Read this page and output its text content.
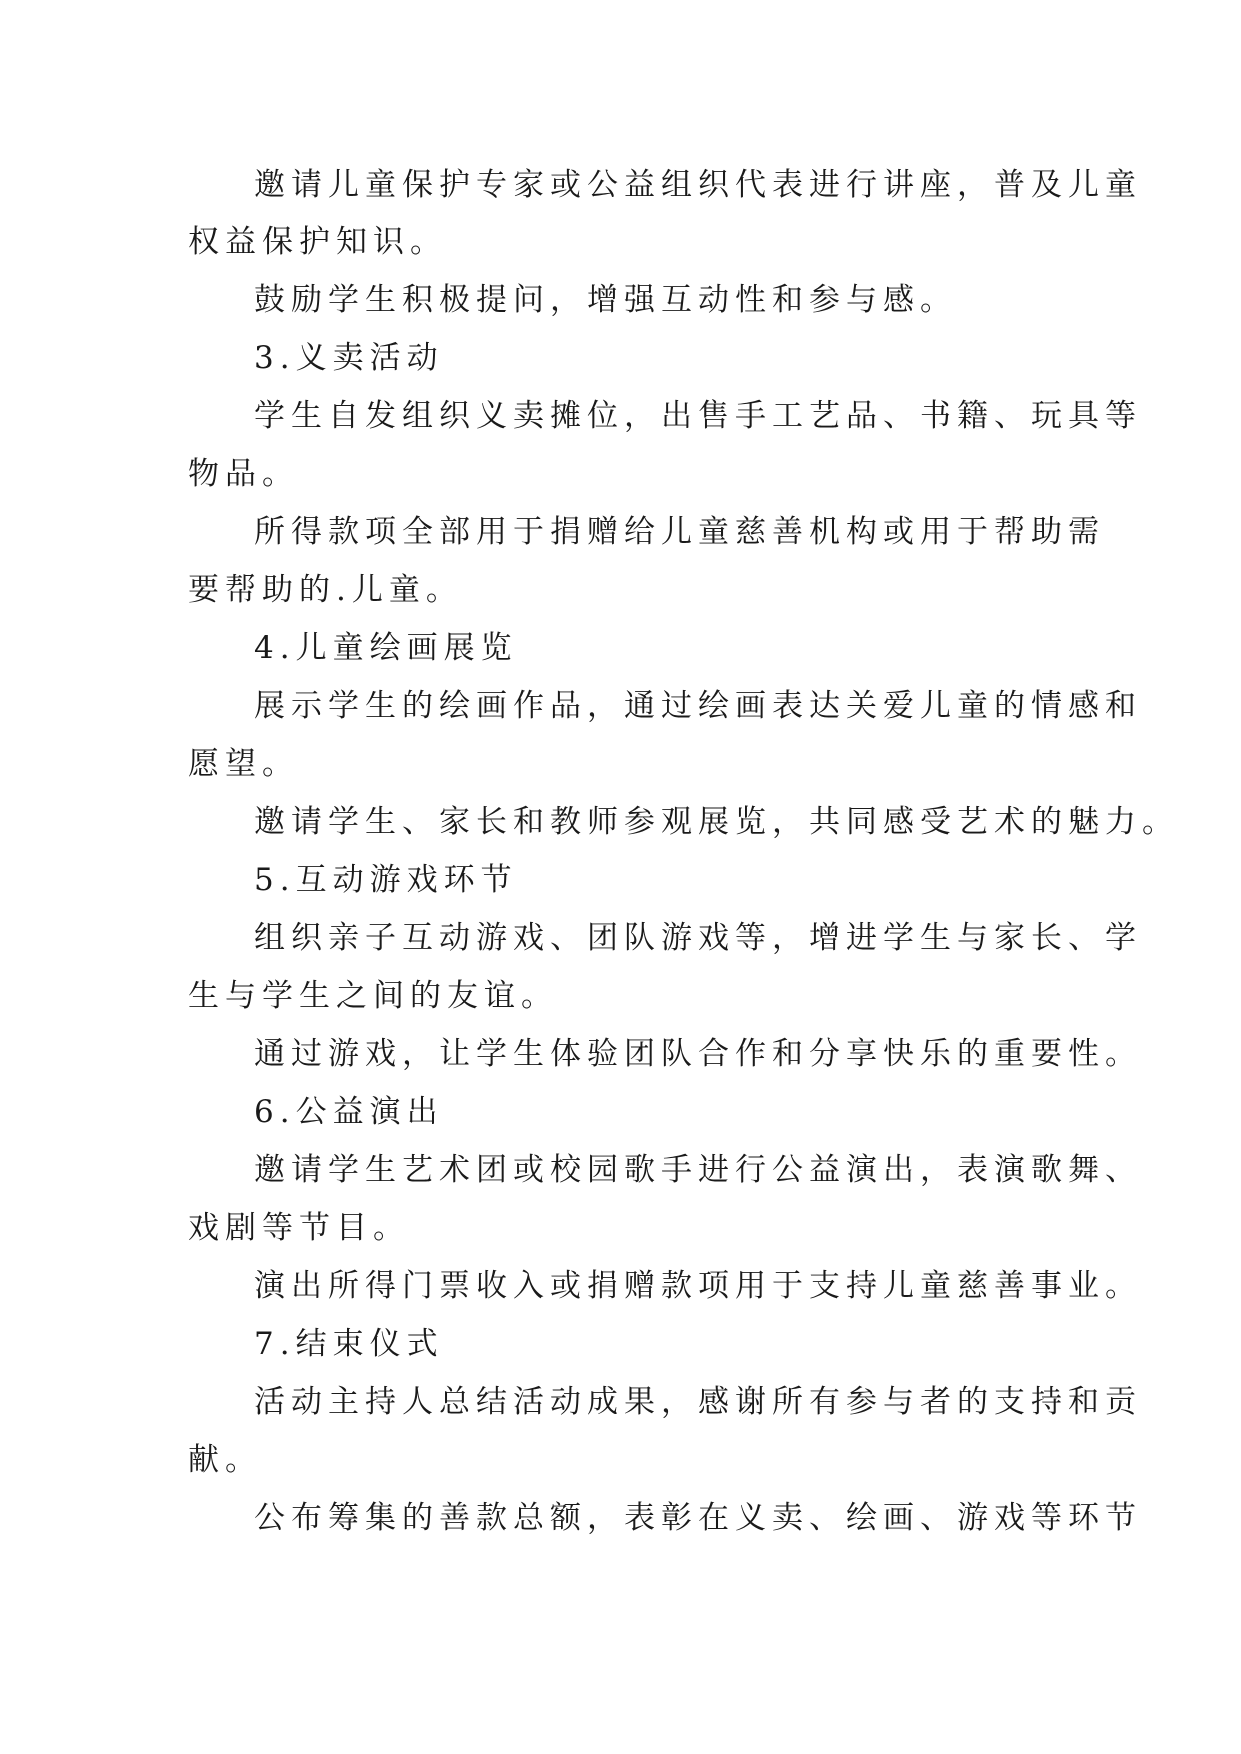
邀请儿童保护专家或公益组织代表进行讲座，普及儿童
权益保护知识。
鼓励学生积极提问，增强互动性和参与感。
3.义卖活动
学生自发组织义卖摊位，出售手工艺品、书籍、玩具等
物品。
所得款项全部用于捐赠给儿童慈善机构或用于帮助需
要帮助的.儿童。
4.儿童绘画展览
展示学生的绘画作品，通过绘画表达关爱儿童的情感和
愿望。
邀请学生、家长和教师参观展览，共同感受艺术的魅力。
5.互动游戏环节
组织亲子互动游戏、团队游戏等，增进学生与家长、学
生与学生之间的友谊。
通过游戏，让学生体验团队合作和分享快乐的重要性。
6.公益演出
邀请学生艺术团或校园歌手进行公益演出，表演歌舞、
戏剧等节目。
演出所得门票收入或捐赠款项用于支持儿童慈善事业。
7.结束仪式
活动主持人总结活动成果，感谢所有参与者的支持和贡
献。
公布筹集的善款总额，表彰在义卖、绘画、游戏等环节
